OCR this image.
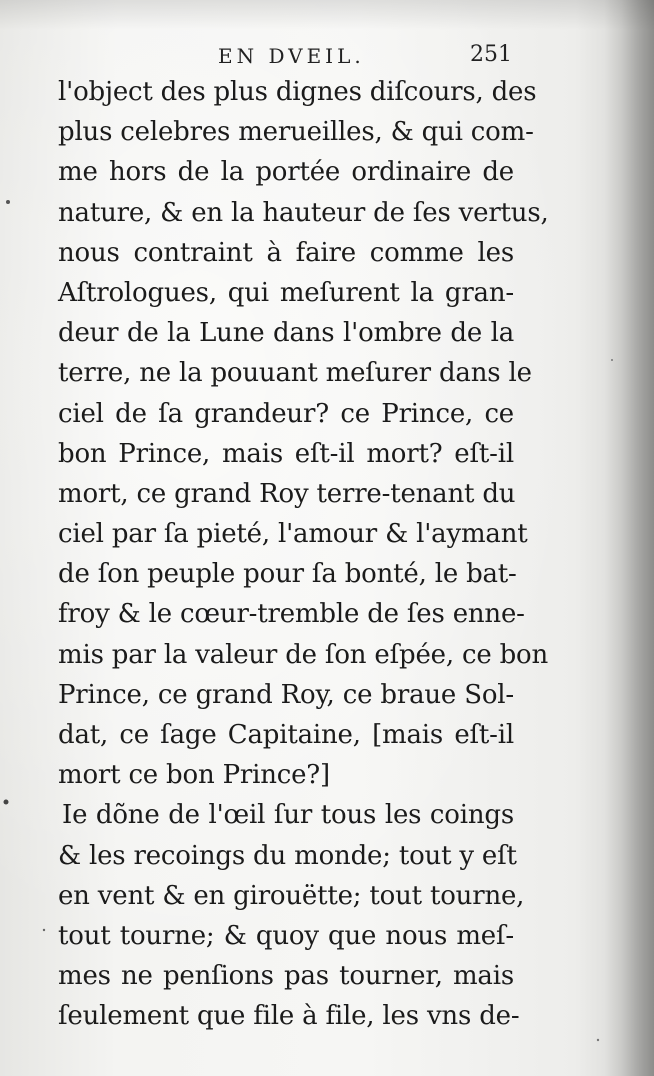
EN DVEIL.	251
l'object des plus dignes diſcours, des
plus celebres merueilles, & qui com-
me hors de la portée ordinaire de
nature, & en la hauteur de ſes vertus,
nous contraint à faire comme les
Aſtrologues, qui meſurent la gran-
deur de la Lune dans l'ombre de la
terre, ne la pouuant meſurer dans le
ciel de ſa grandeur? ce Prince, ce
bon Prince, mais eſt-il mort? eſt-il
mort, ce grand Roy terre-tenant du
ciel par ſa pieté, l'amour & l'aymant
de ſon peuple pour ſa bonté, le bat-
froy & le cœur-tremble de ſes enne-
mis par la valeur de ſon eſpée, ce bon
Prince, ce grand Roy, ce braue Sol-
dat, ce ſage Capitaine, [mais eſt-il
mort ce bon Prince?]
Ie dõne de l'œil ſur tous les coings
& les recoings du monde; tout y eſt
en vent & en girouëtte; tout tourne,
tout tourne; & quoy que nous meſ-
mes ne penſions pas tourner, mais
ſeulement que file à file, les vns de-
